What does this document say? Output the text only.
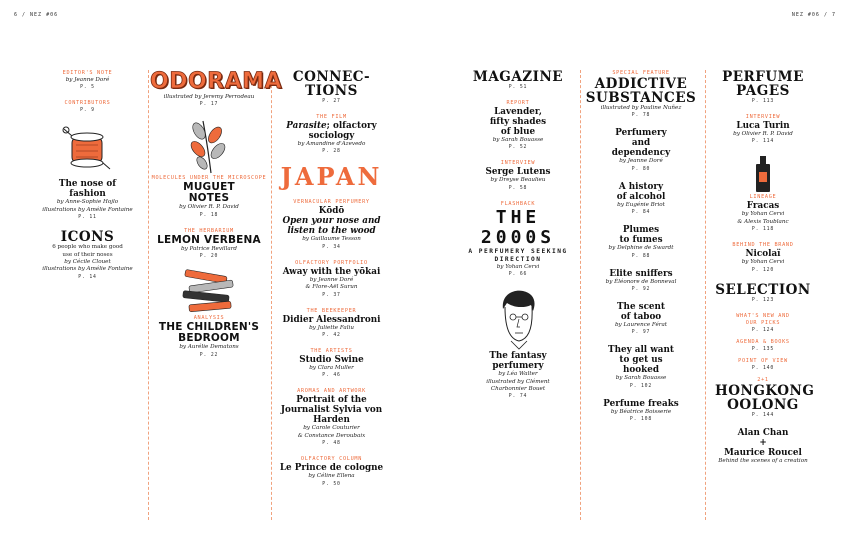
6 / NEZ #06	NEZ #06 / 7
EDITOR'S NOTE
by Jeanne Doré
P. 5
CONTRIBUTORS
P. 9
The nose of fashion
by Anne-Sophie Hojlo
illustrations by Amélie Fontaine
P. 11
ICONS
6 people who make good use of their noses
by Cécile Clouet
illustrations by Amélie Fontaine
P. 14
ODORAMA
illustrated by Jeremy Perrodeau
P. 17
MOLECULES UNDER THE MICROSCOPE
MUGUET NOTES
by Olivier R. P. David
P. 18
THE HERBARIUM
LEMON VERBENA
by Patrice Revillard
P. 20
ANALYSIS
THE CHILDREN'S BEDROOM
by Aurélie Dematons
P. 22
CONNEC- TIONS
P. 27
THE FILM
Parasite; olfactory sociology
by Amandine d'Azevedo
P. 28
JAPAN
VERNACULAR PERFUMERY
Kōdō
Open your nose and listen to the wood
by Guillaume Tesson
P. 34
OLFACTORY PORTFOLIO
Away with the yōkai
by Jeanne Doré
& Flore-Aël Surun
P. 37
THE BEEKEEPER
Didier Alessandroni
by Juliette Faliu
P. 42
THE ARTISTS
Studio Swine
by Clara Muller
P. 46
AROMAS AND ARTWORK
Portrait of the Journalist Sylvia von Harden
by Carole Couturier
& Constance Deroubaix
P. 48
OLFACTORY COLUMN
Le Prince de cologne
by Céline Ellena
P. 50
MAGAZINE
P. 51
REPORT
Lavender, fifty shades of blue
by Sarah Bouasse
P. 52
INTERVIEW
Serge Lutens
by Dreyse Beaulieu
P. 58
FLASHBACK
THE 2000S
A PERFUMERY SEEKING DIRECTION
by Yohan Cervi
P. 66
The fantasy perfumery
by Léa Walter
illustrated by Clément Charbonnier Bouet
P. 74
SPECIAL FEATURE
ADDICTIVE SUBSTANCES
illustrated by Pauline Nuñez
P. 78
Perfumery and dependency
by Jeanne Doré
P. 80
A history of alcohol
by Eugénie Briot
P. 84
Plumes to fumes
by Delphine de Swardt
P. 88
Elite sniffers
by Éléonore de Bonneval
P. 92
The scent of taboo
by Laurence Férat
P. 97
They all want to get us hooked
by Sarah Bouasse
P. 102
Perfume freaks
by Béatrice Boisserie
P. 108
PERFUME PAGES
P. 113
INTERVIEW
Luca Turin
by Olivier R. P. David
P. 114
LINEAGE
Fracas
by Yohan Cervi
& Alexis Toublanc
P. 118
BEHIND THE BRAND
Nicolaï
by Yohan Cervi
P. 120
SELECTION
P. 123
WHAT'S NEW AND OUR PICKS
P. 124
AGENDA & BOOKS
P. 135
POINT OF VIEW
P. 140
2+1
HONGKONG OOLONG
P. 144
Alan Chan
+
Maurice Roucel
Behind the scenes of a creation
